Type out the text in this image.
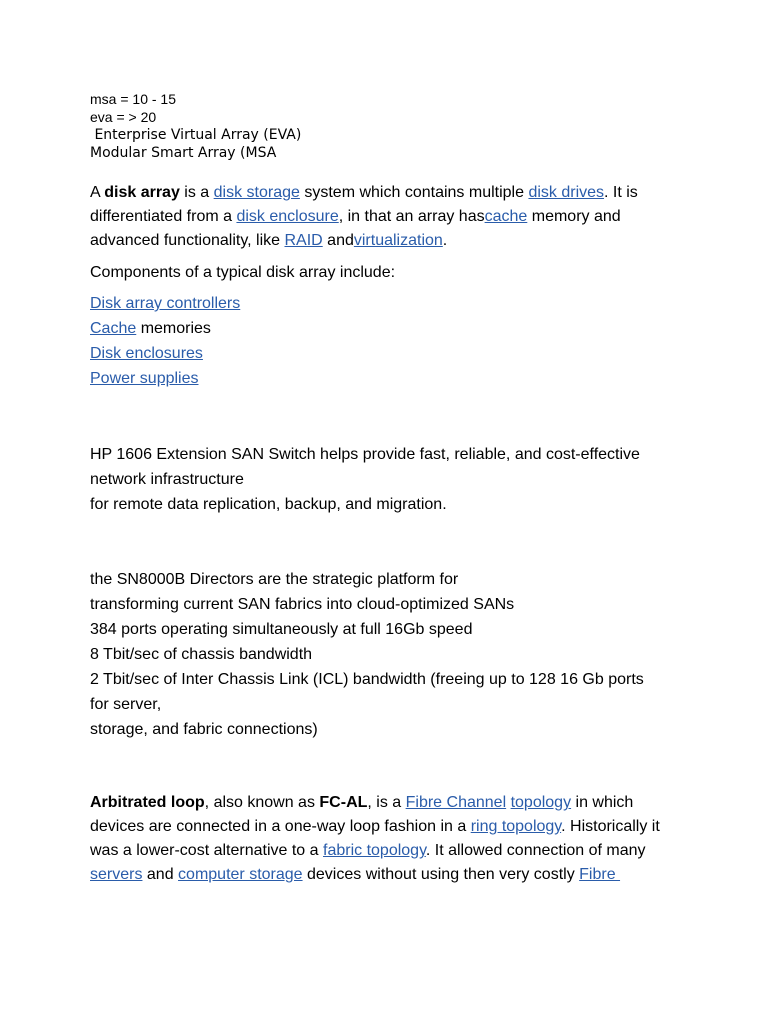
msa = 10 - 15
eva = > 20
Enterprise Virtual Array (EVA)
Modular Smart Array (MSA
A disk array is a disk storage system which contains multiple disk drives. It is
differentiated from a disk enclosure, in that an array hascache memory and
advanced functionality, like RAID andvirtualization.
Components of a typical disk array include:
Disk array controllers
Cache memories
Disk enclosures
Power supplies
HP 1606 Extension SAN Switch helps provide fast, reliable, and cost-effective
network infrastructure
for remote data replication, backup, and migration.
the SN8000B Directors are the strategic platform for
transforming current SAN fabrics into cloud-optimized SANs
384 ports operating simultaneously at full 16Gb speed
8 Tbit/sec of chassis bandwidth
2 Tbit/sec of Inter Chassis Link (ICL) bandwidth (freeing up to 128 16 Gb ports
for server,
storage, and fabric connections)
Arbitrated loop, also known as FC-AL, is a Fibre Channel topology in which
devices are connected in a one-way loop fashion in a ring topology. Historically it
was a lower-cost alternative to a fabric topology. It allowed connection of many
servers and computer storage devices without using then very costly Fibre
